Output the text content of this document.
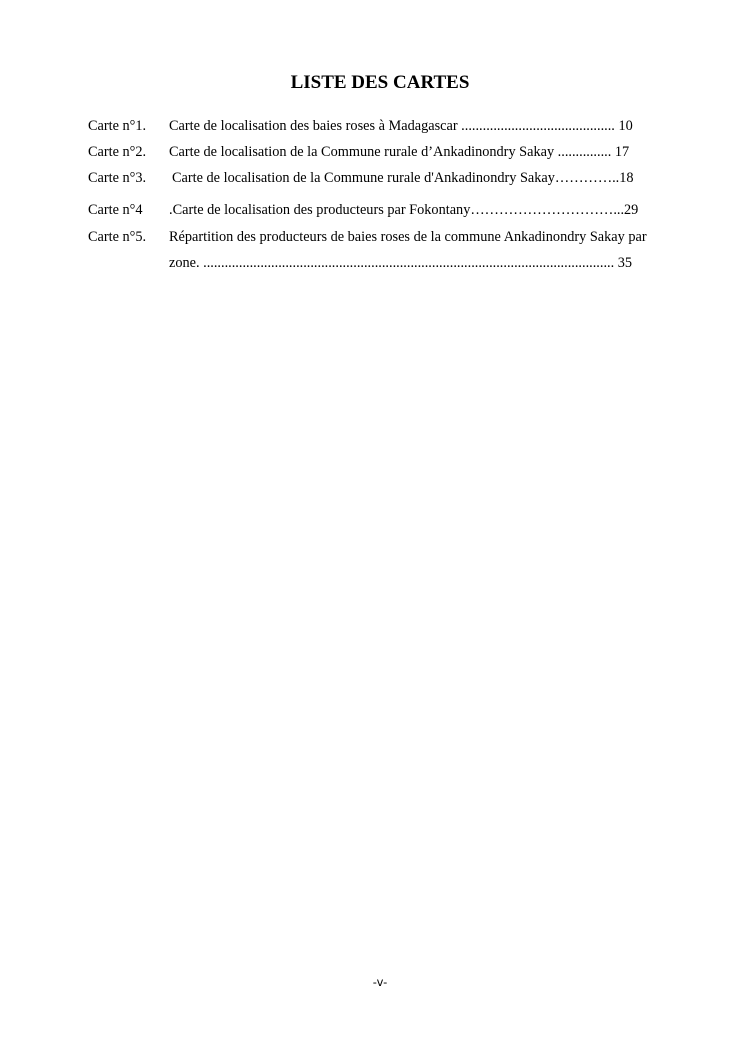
LISTE DES CARTES
Carte n°1. Carte de localisation des baies roses à Madagascar ........................................... 10
Carte n°2. Carte de localisation de la Commune rurale d’Ankadinondry Sakay ............... 17
Carte n°3. Carte de localisation de la Commune rurale d'Ankadinondry Sakay…………..18
Carte n°4 .Carte de localisation des producteurs par Fokontany…………………………...29
Carte n°5. Répartition des producteurs de baies roses de la commune Ankadinondry Sakay par
zone. ................................................................................................................... 35
-v-
